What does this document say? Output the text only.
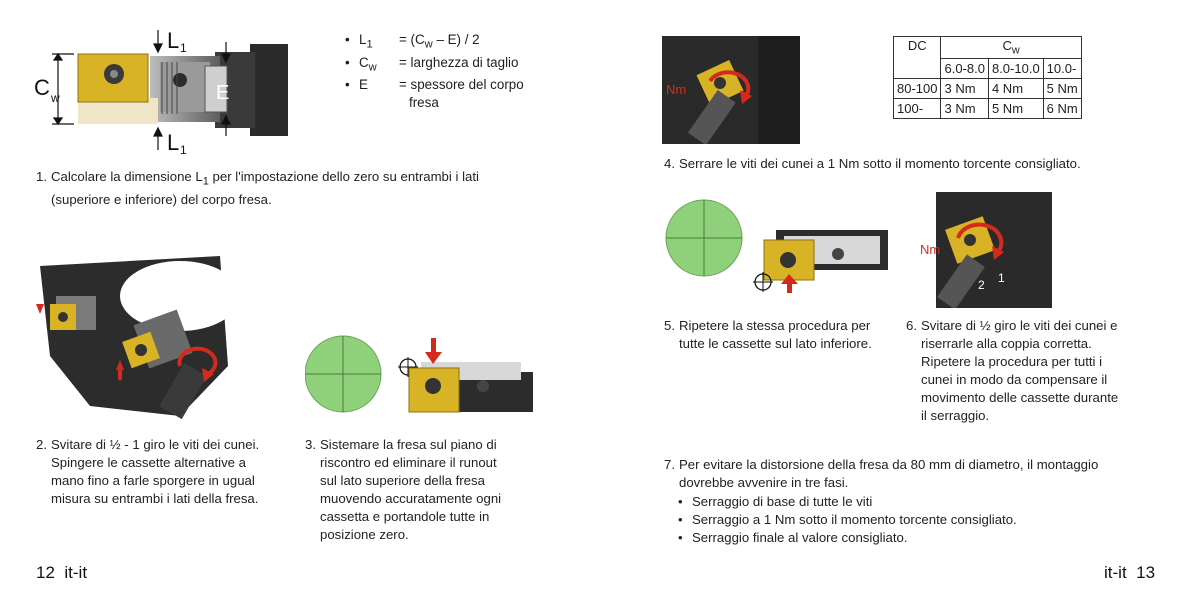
C w
L 1
L 1
E
• $L_1$	= $(C_w - E) / 2$
• $C_w$	= larghezza di taglio
• E	= spessore del corpo
fresa
1. Calcolare la dimensione $L_1$ per l'impostazione dello zero su entrambi i lati
(superiore e inferiore) del corpo fresa.
2. Svitare di ½ - 1 giro le viti dei cunei.
Spingere le cassette alternative a
mano fino a farle sporgere in ugual
misura su entrambi i lati della fresa.
3. Sistemare la fresa sul piano di
riscontro ed eliminare il runout
sul lato superiore della fresa
muovendo accuratamente ogni
cassetta e portandole tutte in
posizione zero.
12 it-it
Nm
DC	$C_w$
	6.0-8.0	8.0-10.0	10.0-
80-100	3 Nm	4 Nm	5 Nm
100-	3 Nm	5 Nm	6 Nm
4. Serrare le viti dei cunei a 1 Nm sotto il momento torcente consigliato.
Nm
1
2
5. Ripetere la stessa procedura per
tutte le cassette sul lato inferiore.
6. Svitare di ½ giro le viti dei cunei e
riserrarle alla coppia corretta.
Ripetere la procedura per tutti i
cunei in modo da compensare il
movimento delle cassette durante
il serraggio.
7. Per evitare la distorsione della fresa da 80 mm di diametro, il montaggio
dovrebbe avvenire in tre fasi.
• Serraggio di base di tutte le viti
• Serraggio a 1 Nm sotto il momento torcente consigliato.
• Serraggio finale al valore consigliato.
it-it 13
